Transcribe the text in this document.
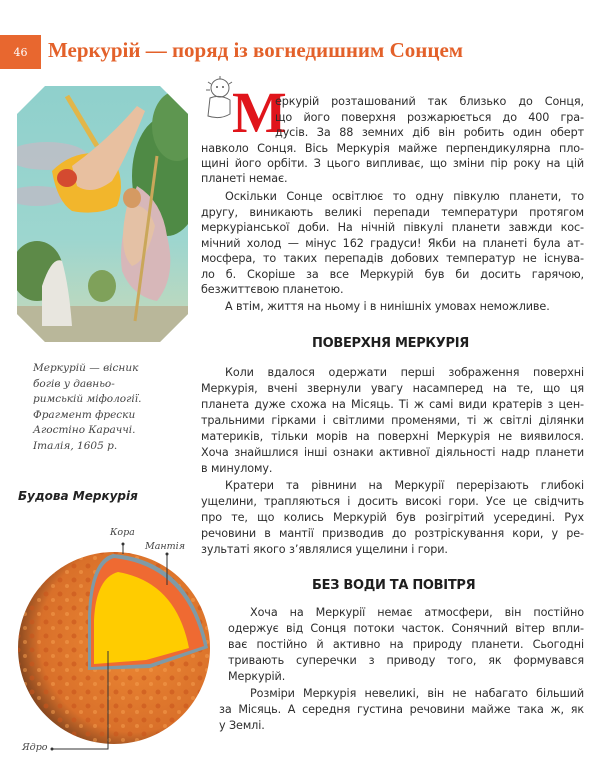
46 Меркурій — поряд із вогнедишним Сонцем
Меркурій — вісник
богів у давньо-
римській міфології.
Фрагмент фрески
Агостіно Караччі.
Італія, 1605 р.
Будова Меркурія
Кора
Мантія
Ядро
М
еркурій розташований так близько до Сонця,
що його поверхня розжарюється до 400 гра-
дусів. За 88 земних діб він робить один оберт
навколо Сонця. Вісь Меркурія майже перпендикулярна пло-
щині його орбіти. З цього випливає, що зміни пір року на цій
планеті немає.
Оскільки Сонце освітлює то одну півкулю планети, то
другу, виникають великі перепади температури протягом
меркуріанської доби. На нічній півкулі планети завжди кос-
мічний холод — мінус 162 градуси! Якби на планеті була ат-
мосфера, то таких перепадів добових температур не існува-
ло б. Скоріше за все Меркурій був би досить гарячою,
безжиттєвою планетою.
А втім, життя на ньому і в нинішніх умовах неможливе.
ПОВЕРХНЯ МЕРКУРІЯ
Коли вдалося одержати перші зображення поверхні
Меркурія, вчені звернули увагу насамперед на те, що ця
планета дуже схожа на Місяць. Ті ж самі види кратерів з цен-
тральними гірками і світлими променями, ті ж світлі ділянки
материків, тільки морів на поверхні Меркурія не виявилося.
Хоча знайшлися інші ознаки активної діяльності надр планети
в минулому.
Кратери та рівнини на Меркурії перерізають глибокі
ущелини, трапляються і досить високі гори. Усе це свідчить
про те, що колись Меркурій був розігрітий усередині. Рух
речовини в мантії призводив до розтріскування кори, у ре-
зультаті якого з’являлися ущелини і гори.
БЕЗ ВОДИ ТА ПОВІТРЯ
Хоча на Меркурії немає атмосфери, він постійно
одержує від Сонця потоки часток. Сонячний вітер впли-
ває постійно й активно на природу планети. Сьогодні
тривають суперечки з приводу того, як формувався
Меркурій.
Розміри Меркурія невеликі, він не набагато більший
за Місяць. А середня густина речовини майже така ж, як
у Землі.
